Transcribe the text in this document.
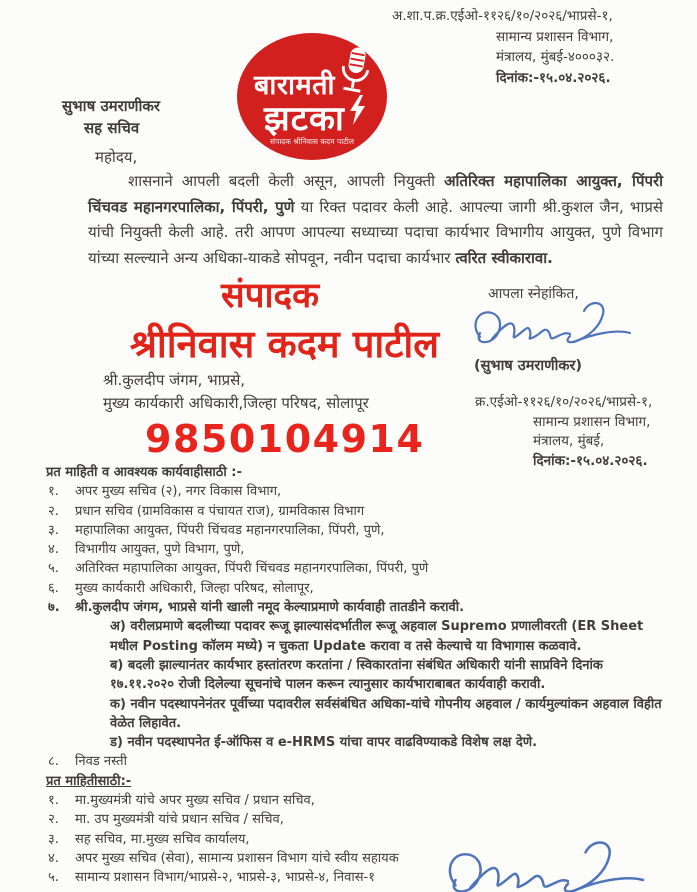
अ.शा.प.क्र.एईओ-११२६/१०/२०२६/भाप्रसे-१,
सामान्य प्रशासन विभाग,
मंत्रालय, मुंबई-४०००३२.
दिनांक:-१५.०४.२०२६.
बारामती
झटका
संपादक श्रीनिवास कदम पाटील
सुभाष उमराणीकर
सह सचिव
महोदय,
शासनाने आपली बदली केली असून, आपली नियुक्ती अतिरिक्त महापालिका आयुक्त, पिंपरी चिंचवड महानगरपालिका, पिंपरी, पुणे या रिक्त पदावर केली आहे. आपल्या जागी श्री.कुशल जैन, भाप्रसे यांची नियुक्ती केली आहे. तरी आपण आपल्या सध्याच्या पदाचा कार्यभार विभागीय आयुक्त, पुणे विभाग यांच्या सल्ल्याने अन्य अधिका-याकडे सोपवून, नवीन पदाचा कार्यभार त्वरित स्वीकारावा.
संपादक
श्रीनिवास कदम पाटील
9850104914
आपला स्नेहांकित,
(सुभाष उमराणीकर)
श्री.कुलदीप जंगम, भाप्रसे,
मुख्य कार्यकारी अधिकारी,जिल्हा परिषद, सोलापूर	क्र.एईओ-११२६/१०/२०२६/भाप्रसे-१,
सामान्य प्रशासन विभाग,
मंत्रालय, मुंबई,
दिनांक:-१५.०४.२०२६.
प्रत माहिती व आवश्यक कार्यवाहीसाठी :-
१.	अपर मुख्य सचिव (२), नगर विकास विभाग,
२.	प्रधान सचिव (ग्रामविकास व पंचायत राज), ग्रामविकास विभाग
३.	महापालिका आयुक्त, पिंपरी चिंचवड महानगरपालिका, पिंपरी, पुणे,
४.	विभागीय आयुक्त, पुणे विभाग, पुणे,
५.	अतिरिक्त महापालिका आयुक्त, पिंपरी चिंचवड महानगरपालिका, पिंपरी, पुणे
६.	मुख्य कार्यकारी अधिकारी, जिल्हा परिषद, सोलापूर,
७.	श्री.कुलदीप जंगम, भाप्रसे यांनी खाली नमूद केल्याप्रमाणे कार्यवाही तातडीने करावी.
अ) वरीलप्रमाणे बदलीच्या पदावर रूजू झाल्यासंदर्भातील रूजू अहवाल Supremo प्रणालीवरती (ER Sheet मधील Posting कॉलम मध्ये) न चुकता Update करावा व तसे केल्याचे या विभागास कळवावे.
ब) बदली झाल्यानंतर कार्यभार हस्तांतरण करतांना / स्विकारतांना संबंधित अधिकारी यांनी साप्रविने दिनांक १७.११.२०२० रोजी दिलेल्या सूचनांचे पालन करून त्यानुसार कार्यभाराबाबत कार्यवाही करावी.
क) नवीन पदस्थापनेनंतर पूर्वीच्या पदावरील सर्वसंबंधित अधिका-यांचे गोपनीय अहवाल / कार्यमुल्यांकन अहवाल विहीत वेळेत लिहावेत.
ड) नवीन पदस्थापनेत ई-ऑफिस व e-HRMS यांचा वापर वाढविण्याकडे विशेष लक्ष देणे.
८.	निवड नस्ती
प्रत माहितीसाठी:-
१.	मा.मुख्यमंत्री यांचे अपर मुख्य सचिव / प्रधान सचिव,
२.	मा. उप मुख्यमंत्री यांचे प्रधान सचिव / सचिव,
३.	सह सचिव, मा.मुख्य सचिव कार्यालय,
४.	अपर मुख्य सचिव (सेवा), सामान्य प्रशासन विभाग यांचे स्वीय सहायक
५.	सामान्य प्रशासन विभाग/भाप्रसे-२, भाप्रसे-३, भाप्रसे-४, निवास-१
